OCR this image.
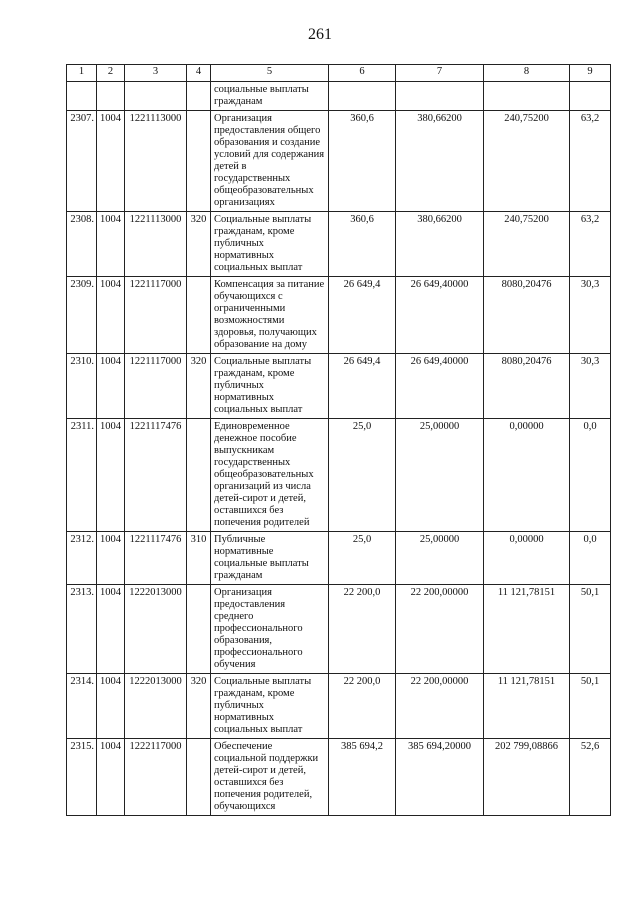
261
1	2	3	4	5	6	7	8	9
				социальные выплаты гражданам				
2307.	1004	1221113000		Организация предоставления общего образования и создание условий для содержания детей в государственных общеобразовательных организациях	360,6	380,66200	240,75200	63,2
2308.	1004	1221113000	320	Социальные выплаты гражданам, кроме публичных нормативных социальных выплат	360,6	380,66200	240,75200	63,2
2309.	1004	1221117000		Компенсация за питание обучающихся с ограниченными возможностями здоровья, получающих образование на дому	26 649,4	26 649,40000	8080,20476	30,3
2310.	1004	1221117000	320	Социальные выплаты гражданам, кроме публичных нормативных социальных выплат	26 649,4	26 649,40000	8080,20476	30,3
2311.	1004	1221117476		Единовременное денежное пособие выпускникам государственных общеобразовательных организаций из числа детей-сирот и детей, оставшихся без попечения родителей	25,0	25,00000	0,00000	0,0
2312.	1004	1221117476	310	Публичные нормативные социальные выплаты гражданам	25,0	25,00000	0,00000	0,0
2313.	1004	1222013000		Организация предоставления среднего профессионального образования, профессионального обучения	22 200,0	22 200,00000	11 121,78151	50,1
2314.	1004	1222013000	320	Социальные выплаты гражданам, кроме публичных нормативных социальных выплат	22 200,0	22 200,00000	11 121,78151	50,1
2315.	1004	1222117000		Обеспечение социальной поддержки детей-сирот и детей, оставшихся без попечения родителей, обучающихся	385 694,2	385 694,20000	202 799,08866	52,6
